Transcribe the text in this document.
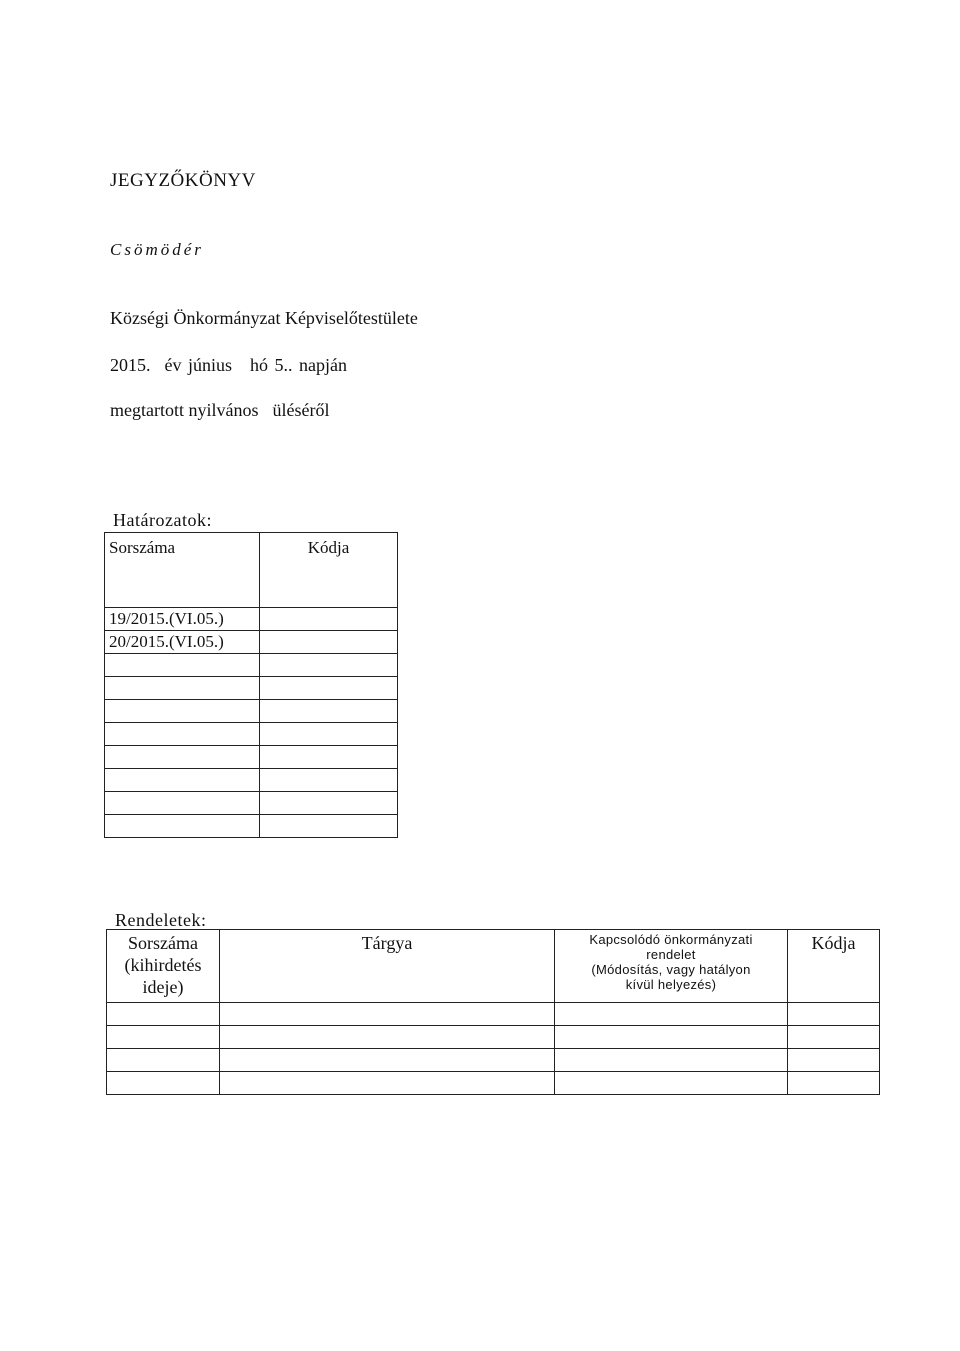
JEGYZŐKÖNYV
Csömödér
Községi Önkormányzat Képviselőtestülete
2015. év június hó 5.. napján
megtartott nyilvános üléséről
Határozatok:
Sorszáma	Kódja
19/2015.(VI.05.)	
20/2015.(VI.05.)	

Rendeletek:
Sorszáma
(kihirdetés
ideje)	Tárgya	Kapcsolódó önkormányzati
rendelet
(Módosítás, vagy hatályon
kívül helyezés)	Kódja
